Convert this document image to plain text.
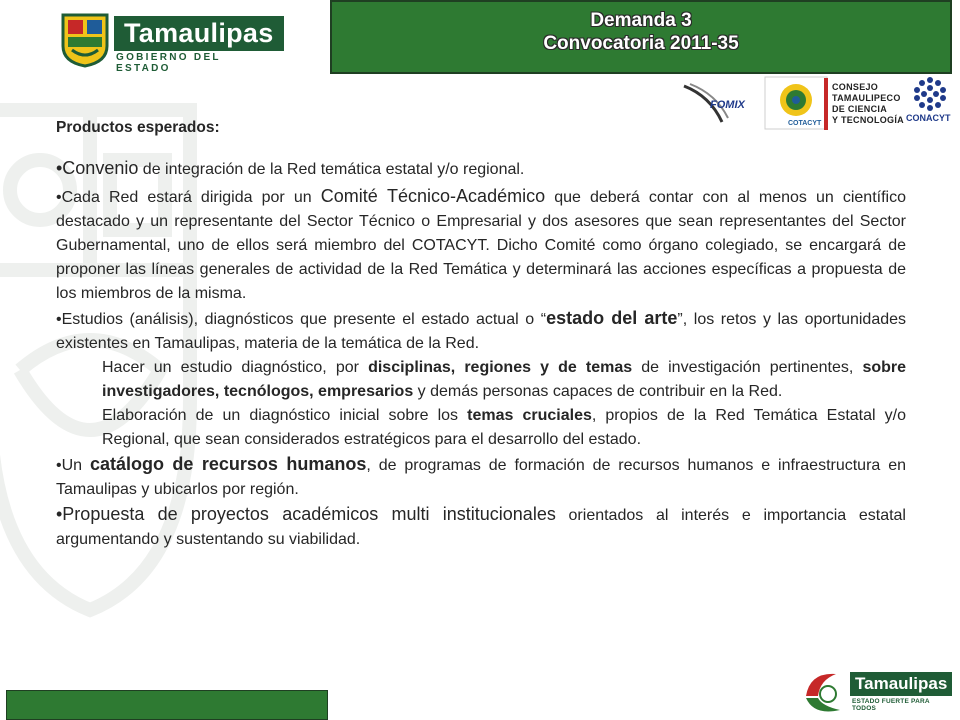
Tamaulipas
GOBIERNO DEL ESTADO
Demanda 3
Convocatoria 2011-35
FOMIX
COTACYT
CONSEJO
TAMAULIPECO
DE CIENCIA
Y TECNOLOGÍA CONACYT
Productos esperados:

•Convenio de integración de la Red temática estatal y/o regional.

•Cada Red estará dirigida por un Comité Técnico-Académico que deberá contar con al menos un científico destacado y un representante del Sector Técnico o Empresarial y dos asesores que sean representantes del Sector Gubernamental, uno de ellos será miembro del COTACYT. Dicho Comité como órgano colegiado, se encargará de proponer las líneas generales de actividad de la Red Temática y determinará las acciones específicas a propuesta de los miembros de la misma.

•Estudios (análisis), diagnósticos que presente el estado actual o “estado del arte”, los retos y las oportunidades existentes en Tamaulipas, materia de la temática de la Red.

Hacer un estudio diagnóstico, por disciplinas, regiones y de temas de investigación pertinentes, sobre investigadores, tecnólogos, empresarios y demás personas capaces de contribuir en la Red.

Elaboración de un diagnóstico inicial sobre los temas cruciales, propios de la Red Temática Estatal y/o Regional, que sean considerados estratégicos para el desarrollo del estado.

•Un catálogo de recursos humanos, de programas de formación de recursos humanos e infraestructura en Tamaulipas y ubicarlos por región.

•Propuesta de proyectos académicos multi institucionales orientados al interés e importancia estatal argumentando y sustentando su viabilidad.

Tamaulipas
ESTADO FUERTE PARA TODOS
